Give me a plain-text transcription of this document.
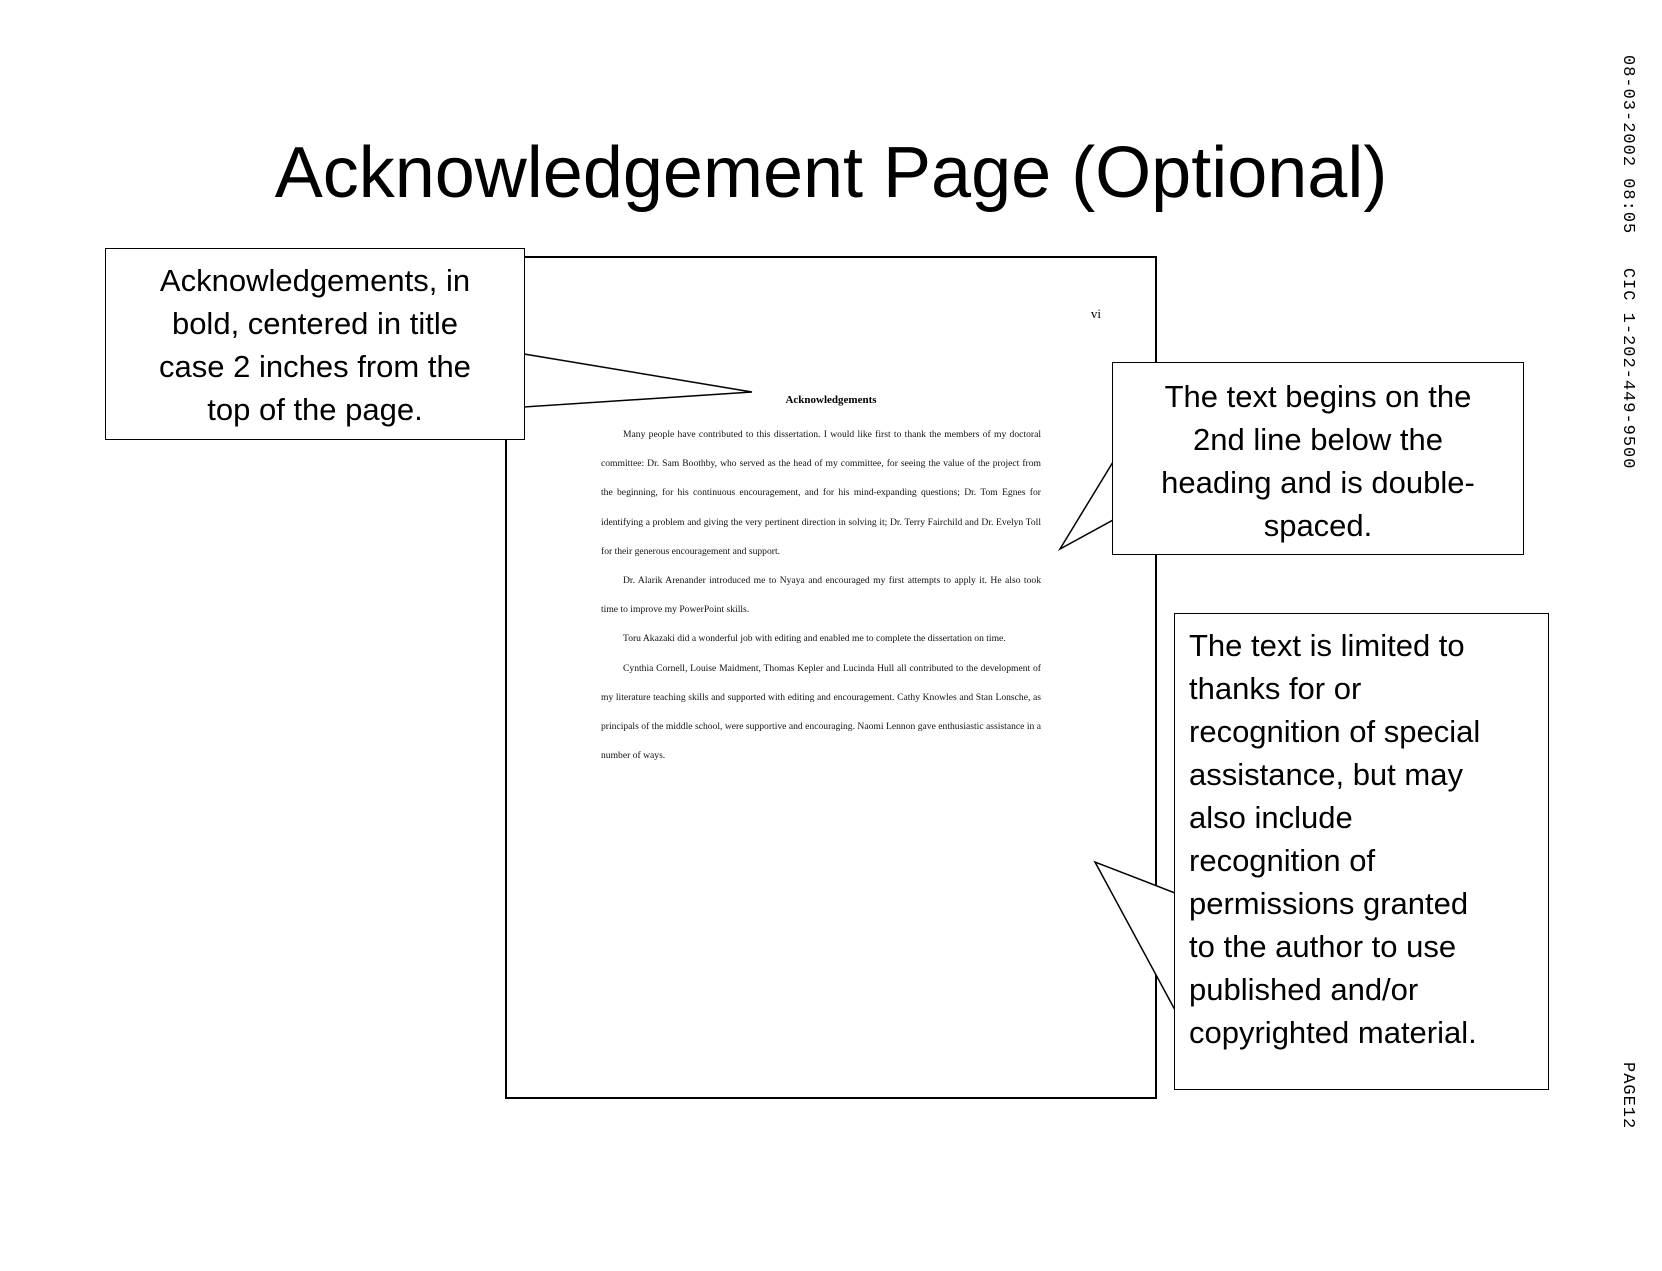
Acknowledgement Page (Optional)	08-03-2002 08:05   CIC 1-202-449-9500
PAGE12
vi
Acknowledgements

Many people have contributed to this dissertation. I would like first to thank the members of my doctoral committee: Dr. Sam Boothby, who served as the head of my committee, for seeing the value of the project from the beginning, for his continuous encouragement, and for his mind-expanding questions; Dr. Tom Egnes for identifying a problem and giving the very pertinent direction in solving it; Dr. Terry Fairchild and Dr. Evelyn Toll for their generous encouragement and support.

Dr. Alarik Arenander introduced me to Nyaya and encouraged my first attempts to apply it. He also took time to improve my PowerPoint skills.

Toru Akazaki did a wonderful job with editing and enabled me to complete the dissertation on time.

Cynthia Cornell, Louise Maidment, Thomas Kepler and Lucinda Hull all contributed to the development of my literature teaching skills and supported with editing and encouragement. Cathy Knowles and Stan Lonsche, as principals of the middle school, were supportive and encouraging. Naomi Lennon gave enthusiastic assistance in a number of ways.

Acknowledgements, in
bold, centered in title
case 2 inches from the
top of the page.	The text begins on the
2nd line below the
heading and is double-
spaced.
The text is limited to
thanks for or
recognition of special
assistance, but may
also include
recognition of
permissions granted
to the author to use
published and/or
copyrighted material.
